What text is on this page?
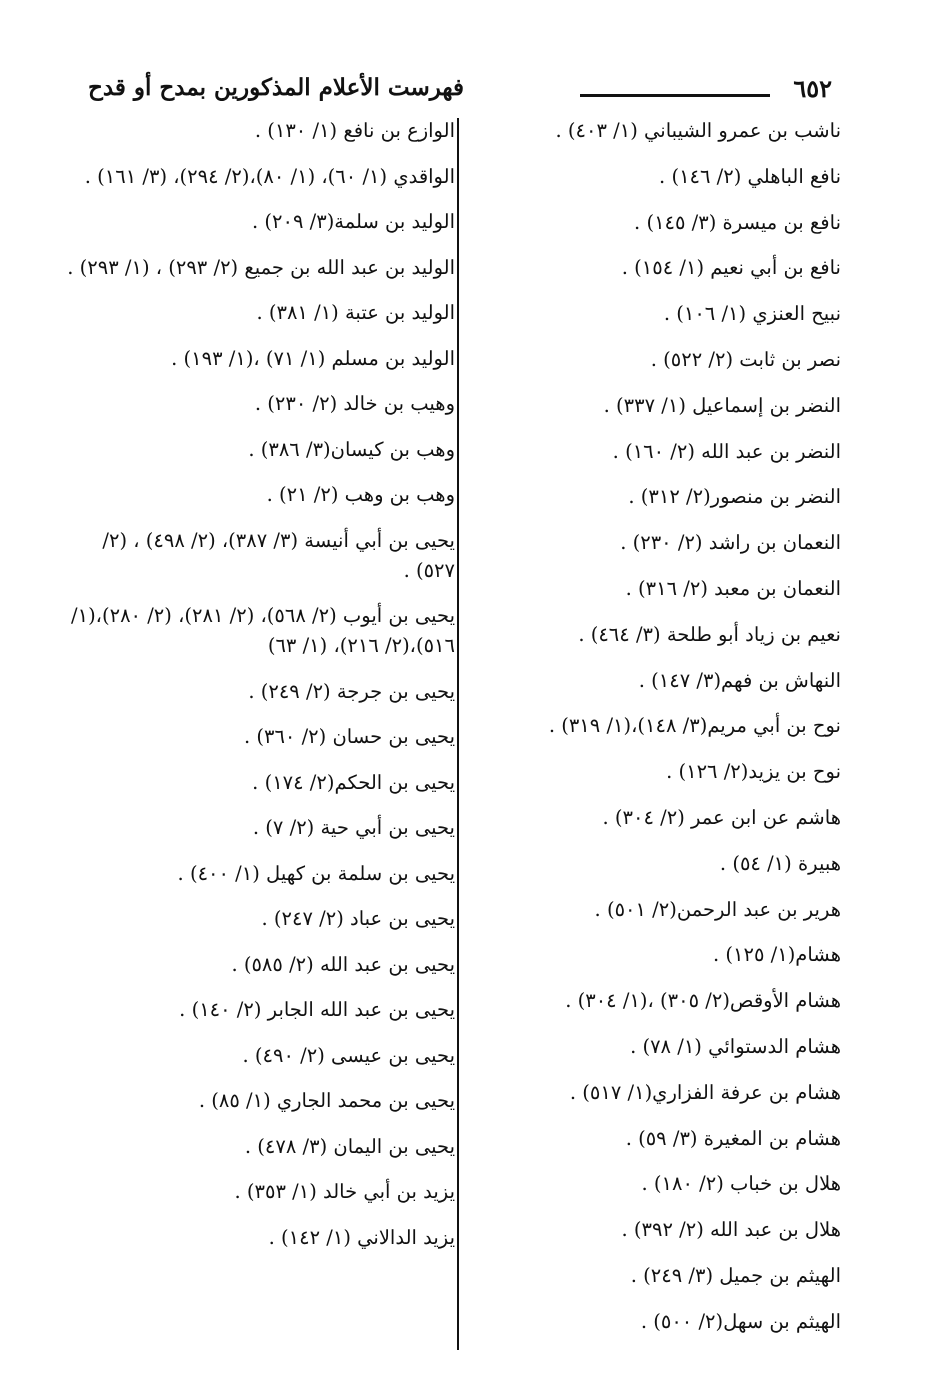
٦٥٢
فهرست الأعلام المذكورين بمدح أو قدح

ناشب بن عمرو الشيباني (١/ ٤٠٣) .

نافع الباهلي (٢/ ١٤٦) .

نافع بن ميسرة (٣/ ١٤٥) .

نافع بن أبي نعيم (١/ ١٥٤) .

نبيح العنزي (١/ ١٠٦) .

نصر بن ثابت (٢/ ٥٢٢) .

النضر بن إسماعيل (١/ ٣٣٧) .

النضر بن عبد الله (٢/ ١٦٠) .

النضر بن منصور(٢/ ٣١٢) .

النعمان بن راشد (٢/ ٢٣٠) .

النعمان بن معبد (٢/ ٣١٦) .

نعيم بن زياد أبو طلحة (٣/ ٤٦٤) .

النهاش بن فهم(٣/ ١٤٧) .

نوح بن أبي مريم(٣/ ١٤٨)،(١/ ٣١٩) .

نوح بن يزيد(٢/ ١٢٦) .

هاشم عن ابن عمر (٢/ ٣٠٤) .

هبيرة (١/ ٥٤) .

هرير بن عبد الرحمن(٢/ ٥٠١) .

هشام(١/ ١٢٥) .

هشام الأوقص(٢/ ٣٠٥) ،(١/ ٣٠٤) .

هشام الدستوائي (١/ ٧٨) .

هشام بن عرفة الفزاري(١/ ٥١٧) .

هشام بن المغيرة (٣/ ٥٩) .

هلال بن خباب (٢/ ١٨٠) .

هلال بن عبد الله (٢/ ٣٩٢) .

الهيثم بن جميل (٣/ ٢٤٩) .

الهيثم بن سهل(٢/ ٥٠٠) .

الوازع بن نافع (١/ ١٣٠) .

الواقدي (١/ ٦٠)، (١/ ٨٠)،(٢/ ٢٩٤)، (٣/ ١٦١) .

الوليد بن سلمة(٣/ ٢٠٩) .

الوليد بن عبد الله بن جميع (٢/ ٢٩٣) ، (١/ ٢٩٣) .

الوليد بن عتبة (١/ ٣٨١) .

الوليد بن مسلم (١/ ٧١) ،(١/ ١٩٣) .

وهيب بن خالد (٢/ ٢٣٠) .

وهب بن كيسان(٣/ ٣٨٦) .

وهب بن وهب (٢/ ٢١) .

يحيى بن أبي أنيسة (٣/ ٣٨٧)، (٢/ ٤٩٨) ، (٢/ ٥٢٧) .

يحيى بن أيوب (٢/ ٥٦٨)، (٢/ ٢٨١)، (٢/ ٢٨٠)،(١/ ٥١٦)،(٢/ ٢١٦)، (١/ ٦٣)

يحيى بن جرجة (٢/ ٢٤٩) .

يحيى بن حسان (٢/ ٣٦٠) .

يحيى بن الحكم(٢/ ١٧٤) .

يحيى بن أبي حية (٢/ ٧) .

يحيى بن سلمة بن كهيل (١/ ٤٠٠) .

يحيى بن عباد (٢/ ٢٤٧) .

يحيى بن عبد الله (٢/ ٥٨٥) .

يحيى بن عبد الله الجابر (٢/ ١٤٠) .

يحيى بن عيسى (٢/ ٤٩٠) .

يحيى بن محمد الجاري (١/ ٨٥) .

يحيى بن اليمان (٣/ ٤٧٨) .

يزيد بن أبي خالد (١/ ٣٥٣) .

يزيد الدالاني (١/ ١٤٢) .
